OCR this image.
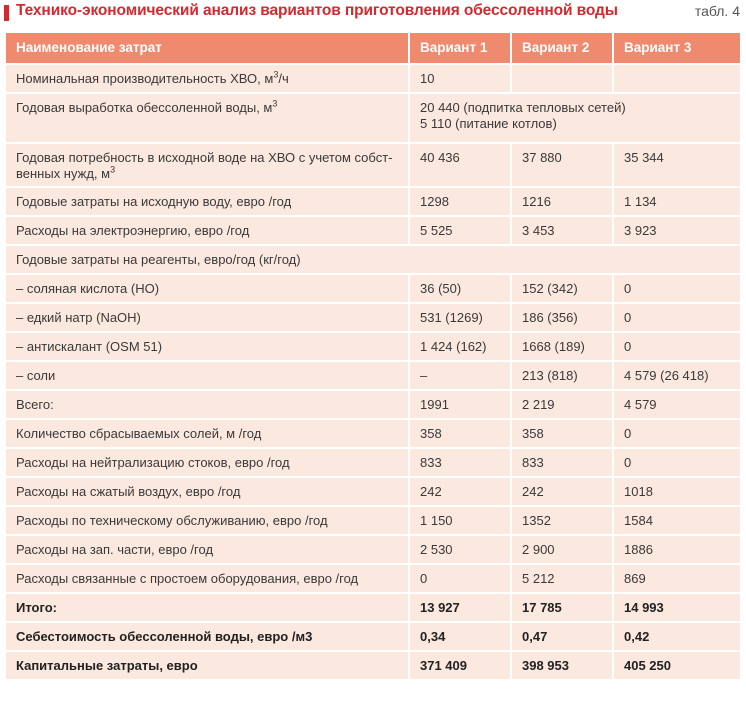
Технико-экономический анализ вариантов приготовления обессоленной воды	табл. 4
Наименование затрат	Вариант 1	Вариант 2	Вариант 3
Номинальная производительность ХВО, $м^3/ч$	10		
Годовая выработка обессоленной воды, $м^3$	20 440 (подпитка тепловых сетей)
5 110 (питание котлов)		

Годовая потребность в исходной воде на ХВО с учетом собст-
венных нужд, $м^3$	40 436	37 880	35 344
Годовые затраты на исходную воду, евро /год	1298	1216	1 134
Расходы на электроэнергию, евро /год	5 525	3 453	3 923
Годовые затраты на реагенты, евро/год (кг/год)			
– соляная кислота (НО)	36 (50)	152 (342)	0
– едкий натр (NaOH)	531 (1269)	186 (356)	0
– антискалант (OSM 51)	1 424 (162)	1668 (189)	0
– соли	–	213 (818)	4 579 (26 418)
Всего:	1991	2 219	4 579
Количество сбрасываемых солей, м /год	358	358	0
Расходы на нейтрализацию стоков, евро /год	833	833	0
Расходы на сжатый воздух, евро /год	242	242	1018
Расходы по техническому обслуживанию, евро /год	1 150	1352	1584
Расходы на зап. части, евро /год	2 530	2 900	1886
Расходы связанные с простоем оборудования, евро /год	0	5 212	869
Итого:	13 927	17 785	14 993
Себестоимость обессоленной воды, евро /м3	0,34	0,47	0,42
Капитальные затраты, евро	371 409	398 953	405 250
